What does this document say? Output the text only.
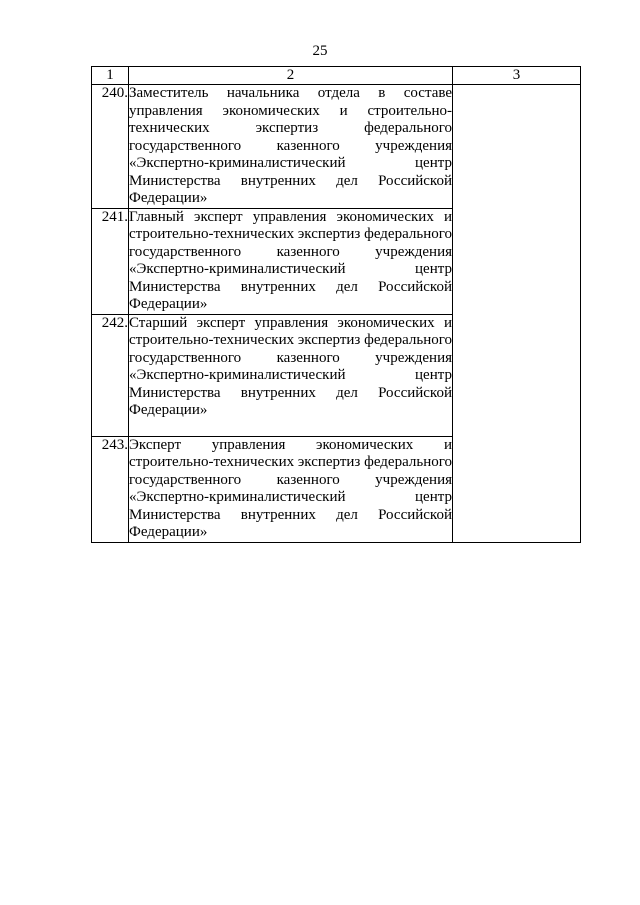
25
1	2	3
240.	Заместитель начальника отдела в составе управления экономических и строительно-технических экспертиз федерального государственного казенного учреждения «Экспертно-криминалистический центр Министерства внутренних дел Российской Федерации»	
241.	Главный эксперт управления экономических и строительно-технических экспертиз федерального государственного казенного учреждения «Экспертно-криминалистический центр Министерства внутренних дел Российской Федерации»	
242.	Старший эксперт управления экономических и строительно-технических экспертиз федерального государственного казенного учреждения «Экспертно-криминалистический центр Министерства внутренних дел Российской Федерации»	
243.	Эксперт управления экономических и строительно-технических экспертиз федерального государственного казенного учреждения «Экспертно-криминалистический центр Министерства внутренних дел Российской Федерации»	
